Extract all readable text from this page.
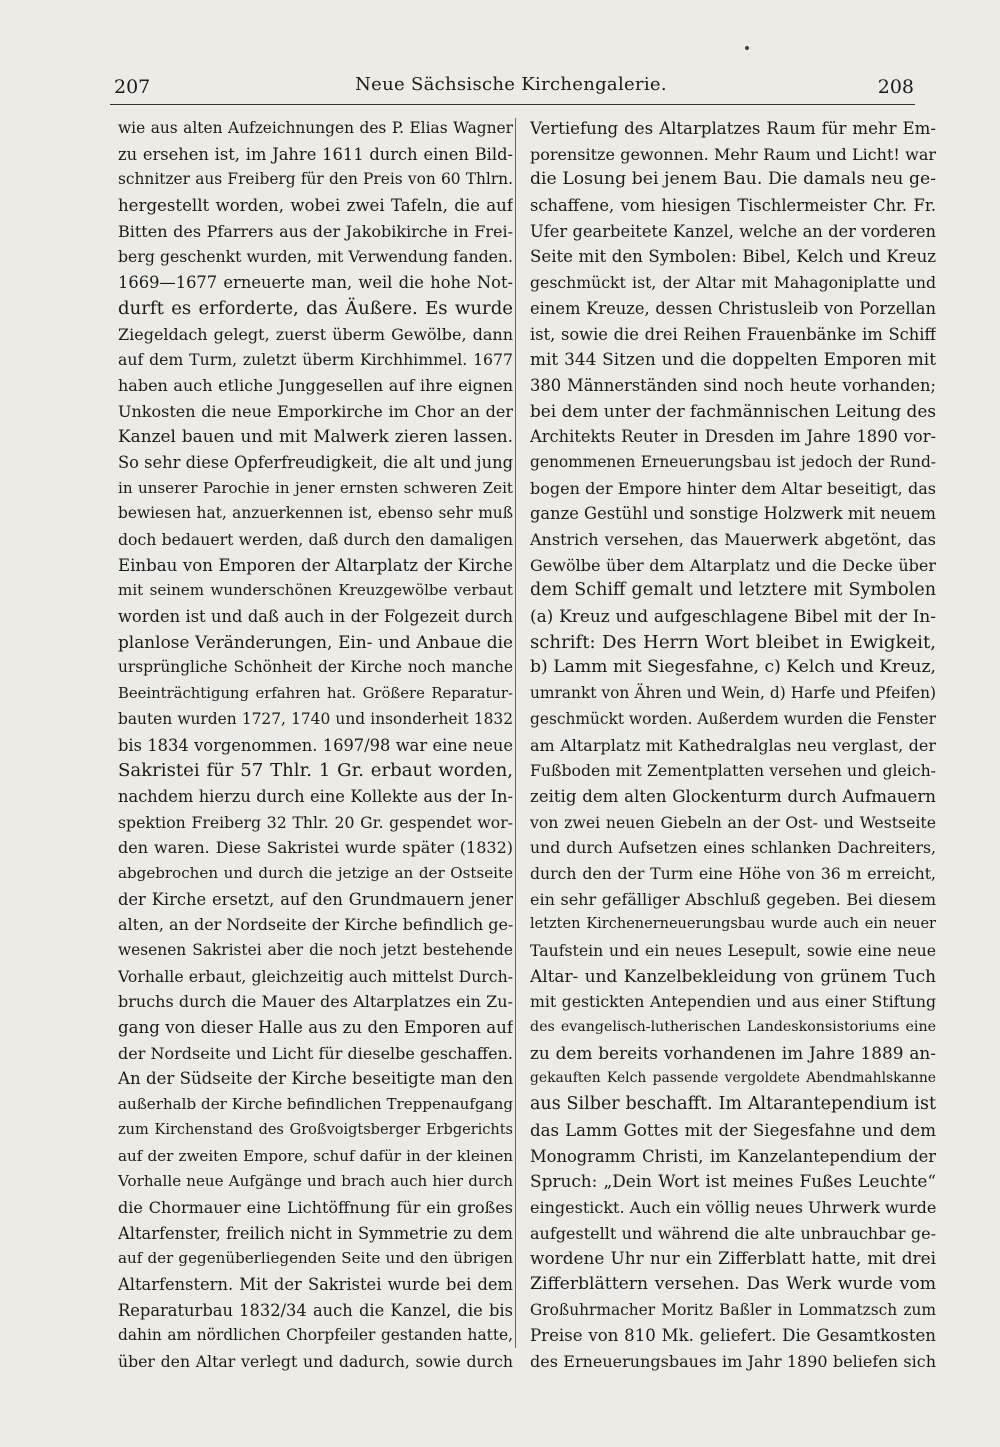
207	Neue Sächsische Kirchengalerie.	208
wie aus alten Aufzeichnungen des P. Elias Wagner
zu ersehen ist, im Jahre 1611 durch einen Bild-
schnitzer aus Freiberg für den Preis von 60 Thlrn.
hergestellt worden, wobei zwei Tafeln, die auf
Bitten des Pfarrers aus der Jakobikirche in Frei-
berg geschenkt wurden, mit Verwendung fanden.
1669—1677 erneuerte man, weil die hohe Not-
durft es erforderte, das Äußere. Es wurde
Ziegeldach gelegt, zuerst überm Gewölbe, dann
auf dem Turm, zuletzt überm Kirchhimmel. 1677
haben auch etliche Junggesellen auf ihre eignen
Unkosten die neue Emporkirche im Chor an der
Kanzel bauen und mit Malwerk zieren lassen.
So sehr diese Opferfreudigkeit, die alt und jung
in unserer Parochie in jener ernsten schweren Zeit
bewiesen hat, anzuerkennen ist, ebenso sehr muß
doch bedauert werden, daß durch den damaligen
Einbau von Emporen der Altarplatz der Kirche
mit seinem wunderschönen Kreuzgewölbe verbaut
worden ist und daß auch in der Folgezeit durch
planlose Veränderungen, Ein- und Anbaue die
ursprüngliche Schönheit der Kirche noch manche
Beeinträchtigung erfahren hat. Größere Reparatur-
bauten wurden 1727, 1740 und insonderheit 1832
bis 1834 vorgenommen. 1697/98 war eine neue
Sakristei für 57 Thlr. 1 Gr. erbaut worden,
nachdem hierzu durch eine Kollekte aus der In-
spektion Freiberg 32 Thlr. 20 Gr. gespendet wor-
den waren. Diese Sakristei wurde später (1832)
abgebrochen und durch die jetzige an der Ostseite
der Kirche ersetzt, auf den Grundmauern jener
alten, an der Nordseite der Kirche befindlich ge-
wesenen Sakristei aber die noch jetzt bestehende
Vorhalle erbaut, gleichzeitig auch mittelst Durch-
bruchs durch die Mauer des Altarplatzes ein Zu-
gang von dieser Halle aus zu den Emporen auf
der Nordseite und Licht für dieselbe geschaffen.
An der Südseite der Kirche beseitigte man den
außerhalb der Kirche befindlichen Treppenaufgang
zum Kirchenstand des Großvoigtsberger Erbgerichts
auf der zweiten Empore, schuf dafür in der kleinen
Vorhalle neue Aufgänge und brach auch hier durch
die Chormauer eine Lichtöffnung für ein großes
Altarfenster, freilich nicht in Symmetrie zu dem
auf der gegenüberliegenden Seite und den übrigen
Altarfenstern. Mit der Sakristei wurde bei dem
Reparaturbau 1832/34 auch die Kanzel, die bis
dahin am nördlichen Chorpfeiler gestanden hatte,
über den Altar verlegt und dadurch, sowie durch
Vertiefung des Altarplatzes Raum für mehr Em-
porensitze gewonnen. Mehr Raum und Licht! war
die Losung bei jenem Bau. Die damals neu ge-
schaffene, vom hiesigen Tischlermeister Chr. Fr.
Ufer gearbeitete Kanzel, welche an der vorderen
Seite mit den Symbolen: Bibel, Kelch und Kreuz
geschmückt ist, der Altar mit Mahagoniplatte und
einem Kreuze, dessen Christusleib von Porzellan
ist, sowie die drei Reihen Frauenbänke im Schiff
mit 344 Sitzen und die doppelten Emporen mit
380 Männerständen sind noch heute vorhanden;
bei dem unter der fachmännischen Leitung des
Architekts Reuter in Dresden im Jahre 1890 vor-
genommenen Erneuerungsbau ist jedoch der Rund-
bogen der Empore hinter dem Altar beseitigt, das
ganze Gestühl und sonstige Holzwerk mit neuem
Anstrich versehen, das Mauerwerk abgetönt, das
Gewölbe über dem Altarplatz und die Decke über
dem Schiff gemalt und letztere mit Symbolen
(a) Kreuz und aufgeschlagene Bibel mit der In-
schrift: Des Herrn Wort bleibet in Ewigkeit,
b) Lamm mit Siegesfahne, c) Kelch und Kreuz,
umrankt von Ähren und Wein, d) Harfe und Pfeifen)
geschmückt worden. Außerdem wurden die Fenster
am Altarplatz mit Kathedralglas neu verglast, der
Fußboden mit Zementplatten versehen und gleich-
zeitig dem alten Glockenturm durch Aufmauern
von zwei neuen Giebeln an der Ost- und Westseite
und durch Aufsetzen eines schlanken Dachreiters,
durch den der Turm eine Höhe von 36 m erreicht,
ein sehr gefälliger Abschluß gegeben. Bei diesem
letzten Kirchenerneuerungsbau wurde auch ein neuer
Taufstein und ein neues Lesepult, sowie eine neue
Altar- und Kanzelbekleidung von grünem Tuch
mit gestickten Antependien und aus einer Stiftung
des evangelisch-lutherischen Landeskonsistoriums eine
zu dem bereits vorhandenen im Jahre 1889 an-
gekauften Kelch passende vergoldete Abendmahlskanne
aus Silber beschafft. Im Altarantependium ist
das Lamm Gottes mit der Siegesfahne und dem
Monogramm Christi, im Kanzelantependium der
Spruch: „Dein Wort ist meines Fußes Leuchte“
eingestickt. Auch ein völlig neues Uhrwerk wurde
aufgestellt und während die alte unbrauchbar ge-
wordene Uhr nur ein Zifferblatt hatte, mit drei
Zifferblättern versehen. Das Werk wurde vom
Großuhrmacher Moritz Baßler in Lommatzsch zum
Preise von 810 Mk. geliefert. Die Gesamtkosten
des Erneuerungsbaues im Jahr 1890 beliefen sich
